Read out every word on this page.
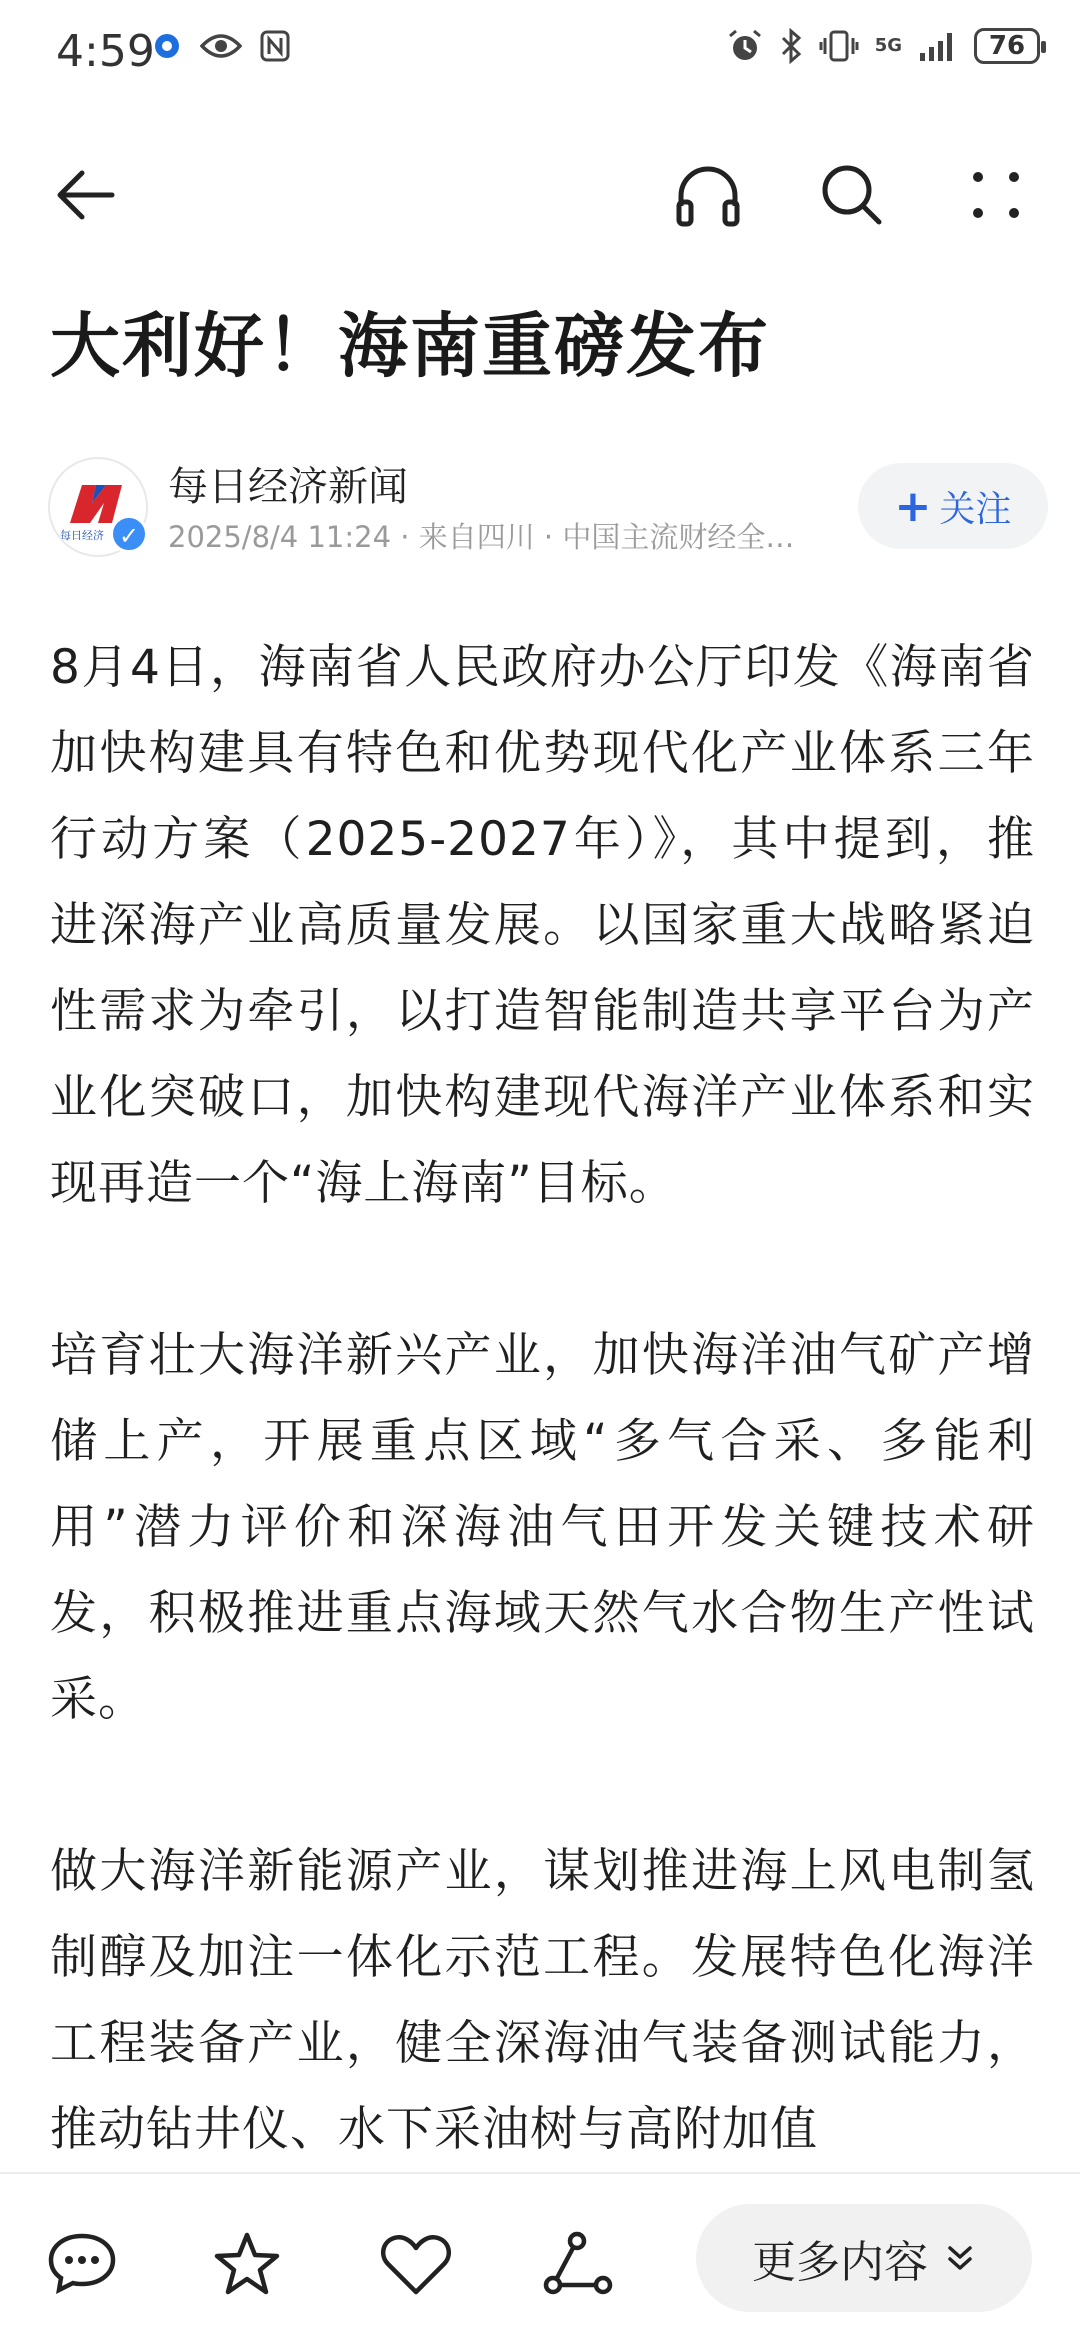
4:59	5G	76
大利好！海南重磅发布
每日经济 ✓
每日经济新闻
2025/8/4 11:24 · 来自四川 · 中国主流财经全…
+ 关注

8月4日，海南省人民政府办公厅印发《海南省加快构建具有特色和优势现代化产业体系三年行动方案（2025-2027年）》，其中提到，推进深海产业高质量发展。以国家重大战略紧迫性需求为牵引，以打造智能制造共享平台为产业化突破口，加快构建现代海洋产业体系和实现再造一个“海上海南”目标。

培育壮大海洋新兴产业，加快海洋油气矿产增储上产，开展重点区域“多气合采、多能利用”潜力评价和深海油气田开发关键技术研发，积极推进重点海域天然气水合物生产性试采。

做大海洋新能源产业，谋划推进海上风电制氢制醇及加注一体化示范工程。发展特色化海洋工程装备产业，健全深海油气装备测试能力，推动钻井仪、水下采油树与高附加值

更多内容
